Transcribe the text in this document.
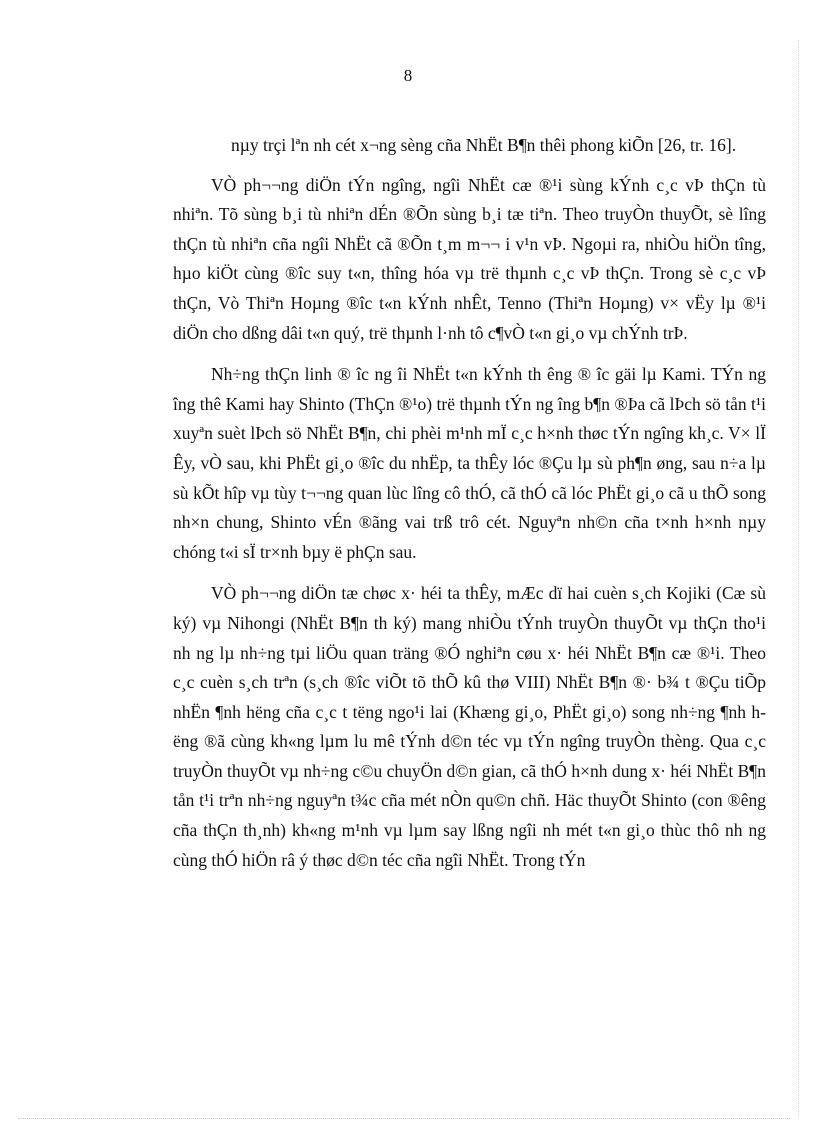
8

nµy trçi lªn nh cét x¬ng sèng cña NhËt B¶n thêi phong kiÕn [26, tr. 16].

VÒ ph¬¬ng diÖn tÝn ngîng, ngîi NhËt cæ ®¹i sùng kÝnh c¸c vÞ thÇn tù nhiªn. Tõ sùng b¸i tù nhiªn dÉn ®Õn sùng b¸i tæ tiªn. Theo truyÒn thuyÕt, sè lîng thÇn tù nhiªn cña ngîi NhËt cã ®Õn t¸m m¬¬ i v¹n vÞ. Ngoµi ra, nhiÒu hiÖn tîng, hµo kiÖt cùng ®îc suy t«n, thîng hóa vµ trë thµnh c¸c vÞ thÇn. Trong sè c¸c vÞ thÇn, Vò Thiªn Hoµng ®îc t«n kÝnh nhÊt, Tenno (Thiªn Hoµng) v× vËy lµ ®¹i diÖn cho dßng dâi t«n quý, trë thµnh l·nh tô c¶vÒ t«n gi¸o vµ chÝnh trÞ.

Nh÷ng thÇn linh ® îc ng îi NhËt t«n kÝnh th êng ® îc gäi lµ Kami. TÝn ng îng thê Kami hay Shinto (ThÇn ®¹o) trë thµnh tÝn ng îng b¶n ®Þa cã lÞch sö tån t¹i xuyªn suèt lÞch sö NhËt B¶n, chi phèi m¹nh mÏ c¸c h×nh thøc tÝn ngîng kh¸c. V× lÏ Êy, vÒ sau, khi PhËt gi¸o ®îc du nhËp, ta thÊy lóc ®Çu lµ sù ph¶n øng, sau n÷a lµ sù kÕt hîp vµ tùy t¬¬ng quan lùc lîng cô thÓ, cã thÓ cã lóc PhËt gi¸o cã u thÕ song nh×n chung, Shinto vÉn ®ãng vai trß trô cét. Nguyªn nh©n cña t×nh h×nh nµy chóng t«i sÏ tr×nh bµy ë phÇn sau.

VÒ ph¬¬ng diÖn tæ chøc x· héi ta thÊy, mÆc dï hai cuèn s¸ch Kojiki (Cæ sù ký) vµ Nihongi (NhËt B¶n th ký) mang nhiÒu tÝnh truyÒn thuyÕt vµ thÇn tho¹i nh ng lµ nh÷ng tµi liÖu quan träng ®Ó nghiªn cøu x· héi NhËt B¶n cæ ®¹i. Theo c¸c cuèn s¸ch trªn (s¸ch ®îc viÕt tõ thÕ kû thø VIII) NhËt B¶n ®· b¾ t ®Çu tiÕp nhËn ¶nh hëng cña c¸c t tëng ngo¹i lai (Khæng gi¸o, PhËt gi¸o) song nh÷ng ¶nh hëng ®ã cùng kh«ng lµm lu mê tÝnh d©n téc vµ tÝn ngîng truyÒn thèng. Qua c¸c truyÒn thuyÕt vµ nh÷ng c©u chuyÖn d©n gian, cã thÓ h×nh dung x· héi NhËt B¶n tån t¹i trªn nh÷ng nguyªn t¾c cña mét nÒn qu©n chñ. Häc thuyÕt Shinto (con ®êng cña thÇn th¸nh) kh«ng m¹nh vµ lµm say lßng ngîi nh mét t«n gi¸o thùc thô nh ng cùng thÓ hiÖn râ ý thøc d©n téc cña ngîi NhËt. Trong tÝn
